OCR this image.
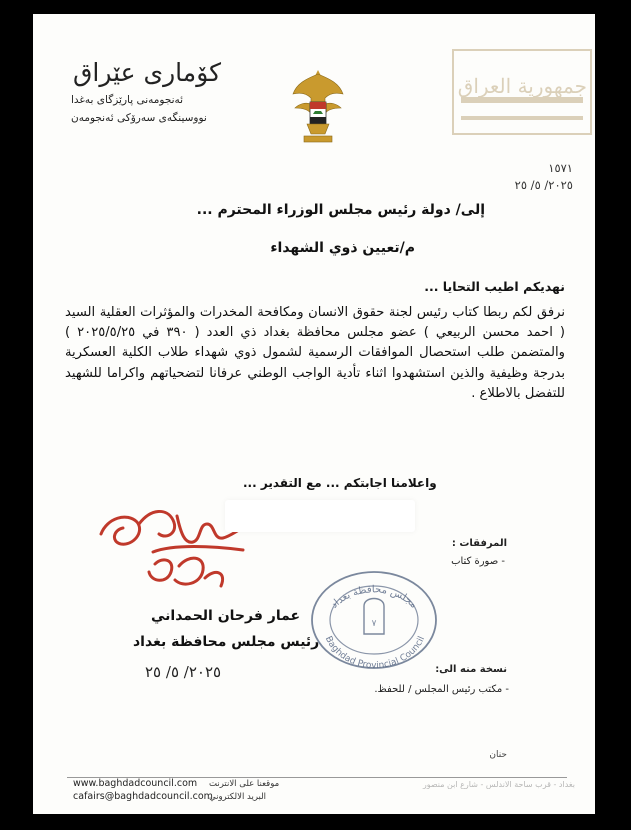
كۆمارى عێراق
ئەنجومەنی پارێزگای بەغدا
نووسینگەی سەرۆکی ئەنجومەن
جمهورية العراق
١٥٧١
٢٠٢٥/ ٥/ ٢٥
إلى/ دولة رئيس مجلس الوزراء المحترم ...
م/تعيين ذوي الشهداء
نهديكم اطيب التحايا ...
نرفق لكم ربطا كتاب رئيس لجنة حقوق الانسان ومكافحة المخدرات والمؤثرات العقلية السيد ( احمد محسن الربيعي ) عضو مجلس محافظة بغداد ذي العدد ( ٣٩٠ في ٢٠٢٥/٥/٢٥ ) والمتضمن طلب استحصال الموافقات الرسمية لشمول ذوي شهداء طلاب الكلية العسكرية بدرجة وظيفية والذين استشهدوا اثناء تأدية الواجب الوطني عرفانا لتضحياتهم واكراما للشهيد للتفضل بالاطلاع .
واعلامنا اجابتكم ... مع التقدير ...
المرفقات :
- صورة كتاب
عمار فرحان الحمداني
رئيس مجلس محافظة بغداد
٢٠٢٥/ ٥/ ٢٥
مجلس محافظة بغداد
Baghdad Provincial Council
٧
نسخة منه الى:
- مكتب رئيس المجلس / للحفظ.
حنان
موقعنا على الانترنت
البريد الالكتروني
www.baghdadcouncil.com
cafairs@baghdadcouncil.com
بغداد - قرب ساحة الاندلس - شارع ابن منصور
